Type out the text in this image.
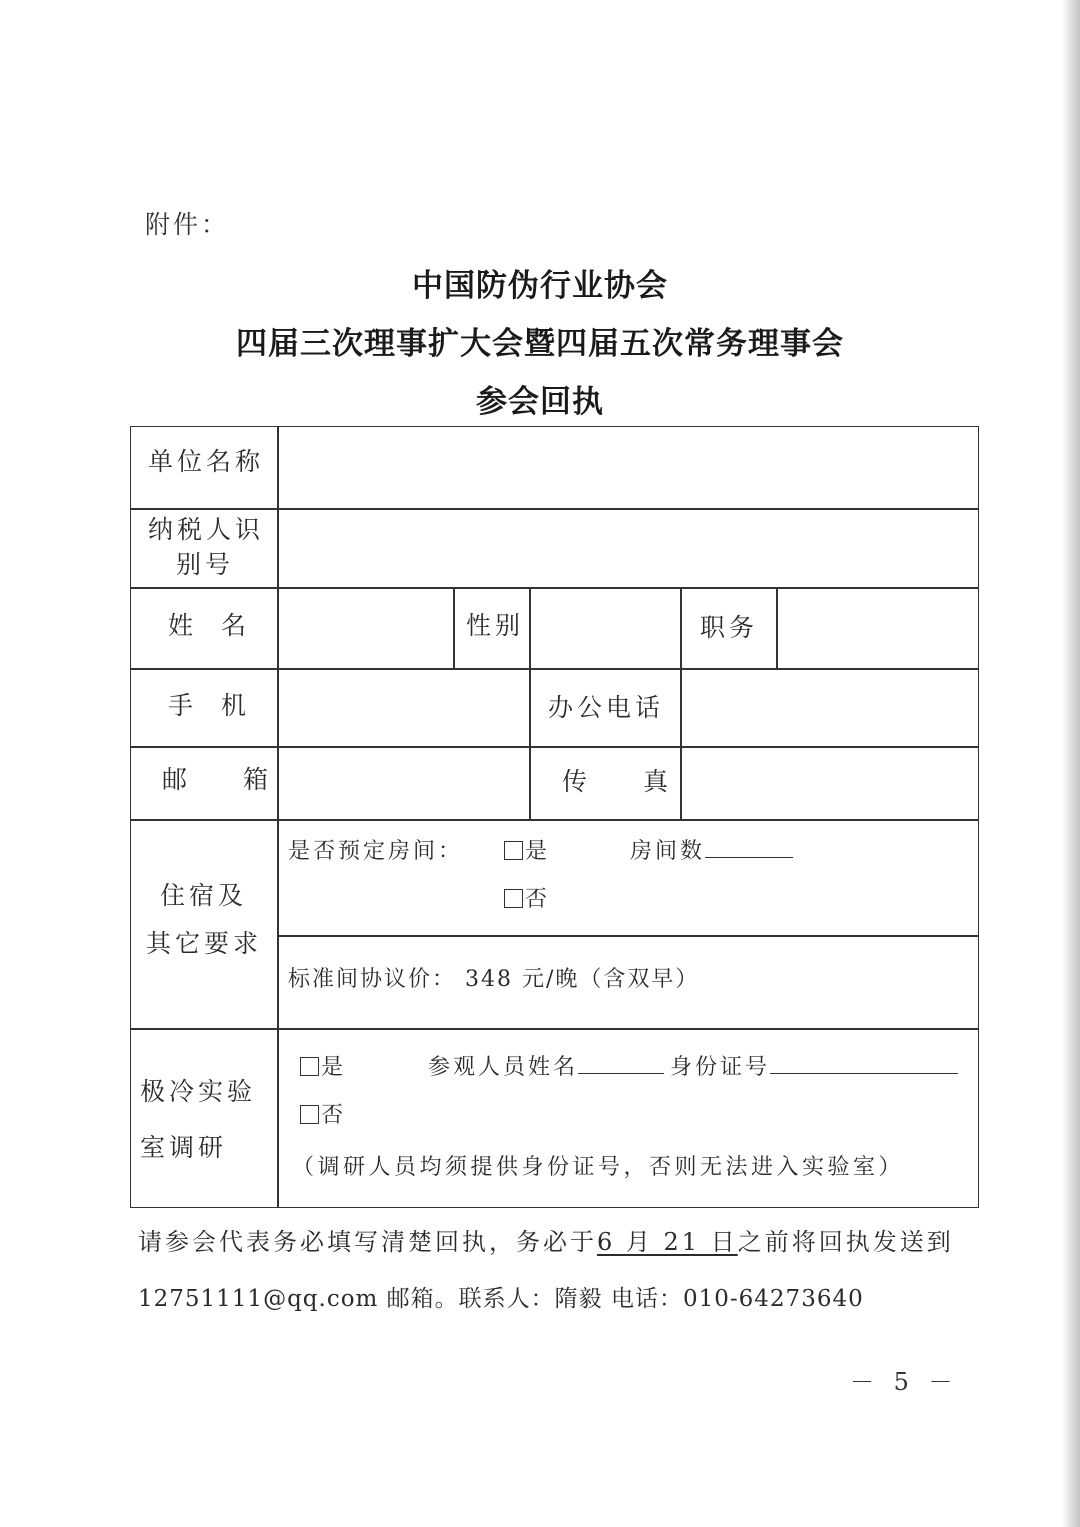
附件：
中国防伪行业协会
四届三次理事扩大会暨四届五次常务理事会
参会回执
单位名称
纳税人识
别号
姓 名	性别	职务
手 机	办公电话
邮 箱	传 真
住宿及
其它要求
是否预定房间：	是	房间数
否
标准间协议价： 348 元/晚（含双早）
极冷实验
室调研
是	参观人员姓名	身份证号
否
（调研人员均须提供身份证号，否则无法进入实验室）
请参会代表务必填写清楚回执，务必于6 月 21 日之前将回执发送到
12751111@qq.com 邮箱。联系人：隋毅 电话：010-64273640
－ 5 －
